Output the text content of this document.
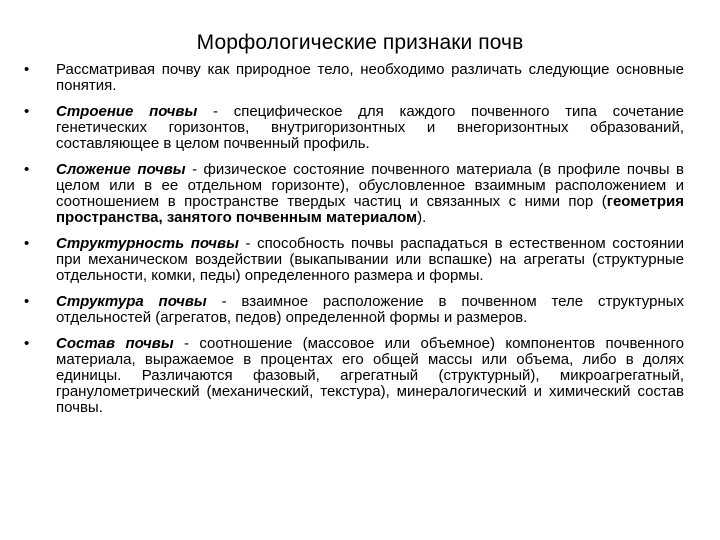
Морфологические признаки почв
•	Рассматривая почву как природное тело, необходимо различать следующие основные понятия.
•	Строение почвы - специфическое для каждого почвенного типа сочетание генетических горизонтов, внутригоризонтных и внегоризонтных образований, составляющее в целом почвенный профиль.
•	Сложение почвы - физическое состояние почвенного материала (в профиле почвы в целом или в ее отдельном горизонте), обусловленное взаимным расположением и соотношением в пространстве твердых частиц и связанных с ними пор (геометрия пространства, занятого почвенным материалом).
•	Структурность почвы - способность почвы распадаться в естественном состоянии при механическом воздействии (выкапывании или вспашке) на агрегаты (структурные отдельности, комки, педы) определенного размера и формы.
•	Структура почвы - взаимное расположение в почвенном теле структурных отдельностей (агрегатов, педов) определенной формы и размеров.
•	Состав почвы - соотношение (массовое или объемное) компонентов почвенного материала, выражаемое в процентах его общей массы или объема, либо в долях единицы. Различаются фазовый, агрегатный (структурный), микроагрегатный, гранулометрический (механический, текстура), минералогический и химический состав почвы.
